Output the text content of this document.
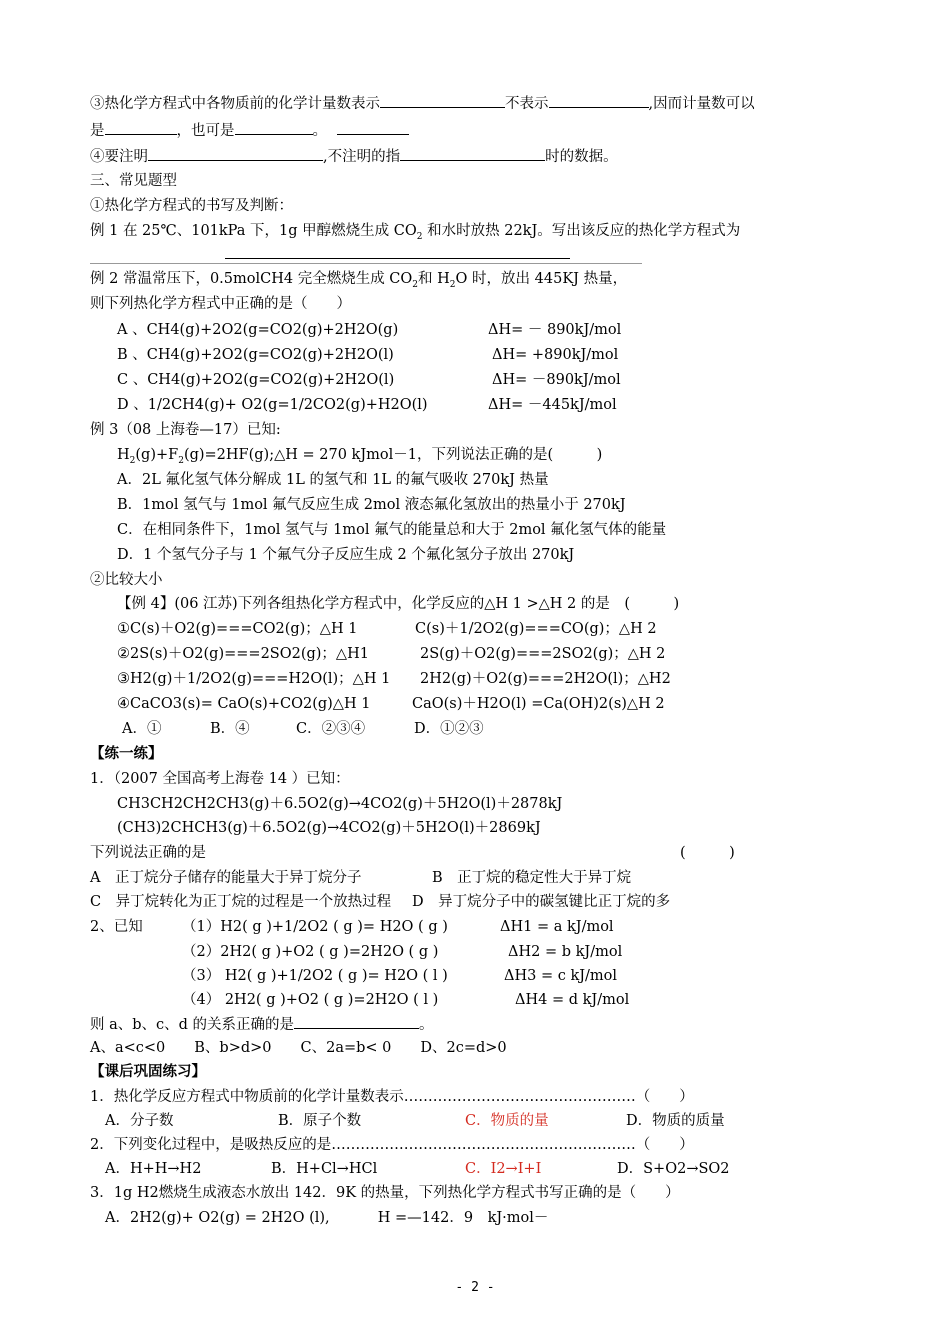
③热化学方程式中各物质前的化学计量数表示	不表示	,因而计量数可以
是	，也可是	。
④要注明	,不注明的指	时的数据。
三、常见题型
①热化学方程式的书写及判断：
例 1 在 25℃、101kPa 下，1g 甲醇燃烧生成 $CO_2$ 和水时放热 22kJ。写出该反应的热化学方程式为
例 2 常温常压下，0.5molCH4 完全燃烧生成 $CO_2$和 $H_2O$ 时，放出 445KJ 热量，
则下列热化学方程式中正确的是（　　）
A 、CH4(g)+2O2(g=CO2(g)+2H2O(g)	ΔH= － 890kJ/mol
B 、CH4(g)+2O2(g=CO2(g)+2H2O(l)	ΔH= +890kJ/mol
C 、CH4(g)+2O2(g=CO2(g)+2H2O(l)	ΔH= －890kJ/mol
D 、1/2CH4(g)+ O2(g=1/2CO2(g)+H2O(l)	ΔH= －445kJ/mol
例 3（08 上海卷—17）已知:
$H_2(g)+F_2(g)=2HF(g);\triangle H = 270$ kJmol－1，下列说法正确的是(　　　)
A．2L 氟化氢气体分解成 1L 的氢气和 1L 的氟气吸收 270kJ 热量
B．1mol 氢气与 1mol 氟气反应生成 2mol 液态氟化氢放出的热量小于 270kJ
C．在相同条件下，1mol 氢气与 1mol 氟气的能量总和大于 2mol 氟化氢气体的能量
D．1 个氢气分子与 1 个氟气分子反应生成 2 个氟化氢分子放出 270kJ
②比较大小
【例 4】(06 江苏)下列各组热化学方程式中，化学反应的△H 1 >△H 2 的是　(　　　)
①C(s)＋O2(g)===CO2(g)；△H 1	C(s)＋1/2O2(g)===CO(g)；△H 2
②2S(s)＋O2(g)===2SO2(g)；△H1	2S(g)＋O2(g)===2SO2(g)；△H 2
③H2(g)＋1/2O2(g)===H2O(l)；△H 1 2H2(g)＋O2(g)===2H2O(l)；△H2
④CaCO3(s)= CaO(s)+CO2(g)△H 1	CaO(s)＋H2O(l) =Ca(OH)2(s)△H 2
A．①	B．④	C．②③④	D．①②③
【练一练】
1．（2007 全国高考上海卷 14 ）已知：
CH3CH2CH2CH3(g)＋6.5O2(g)→4CO2(g)＋5H2O(l)＋2878kJ
(CH3)2CHCH3(g)＋6.5O2(g)→4CO2(g)＋5H2O(l)＋2869kJ
下列说法正确的是	(　　　)
A　正丁烷分子储存的能量大于异丁烷分子	B　正丁烷的稳定性大于异丁烷
C　异丁烷转化为正丁烷的过程是一个放热过程 D　异丁烷分子中的碳氢键比正丁烷的多
2、已知	（1）H2( g )+1/2O2 ( g )= H2O ( g )	ΔH1 = a kJ/mol
（2）2H2( g )+O2 ( g )=2H2O ( g )	ΔH2 = b kJ/mol
（3） H2( g )+1/2O2 ( g )= H2O ( l )	ΔH3 = c kJ/mol
（4） 2H2( g )+O2 ( g )=2H2O ( l )	ΔH4 = d kJ/mol
则 a、b、c、d 的关系正确的是	。
A、a<c<0　　B、b>d>0　　C、2a=b< 0　　D、2c=d>0
【课后巩固练习】
1．热化学反应方程式中物质前的化学计量数表示…………………………………………（　　）
A．分子数	B．原子个数	C．物质的量	D．物质的质量
2．下列变化过程中，是吸热反应的是………………………………………………………（　　）
A．H+H→H2	B．H+Cl→HCl	C．I2→I+I	D．S+O2→SO2
3．1g H2燃烧生成液态水放出 142．9K 的热量，下列热化学方程式书写正确的是（　　）
A．2H2(g)+ O2(g) = 2H2O (l),　　　 H =—142．9　kJ·mol－
- 2 -
